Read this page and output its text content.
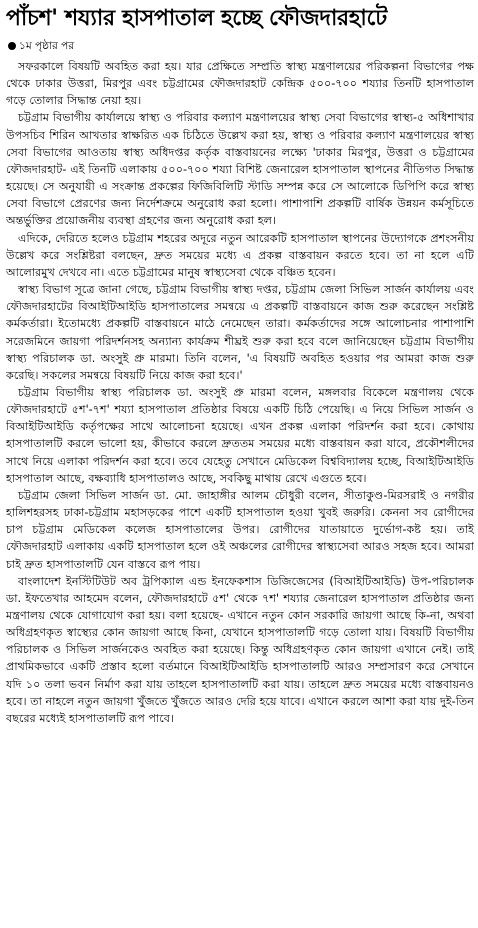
পাঁচশ' শয্যার হাসপাতাল হচ্ছে ফৌজদারহাটে
১ম পৃষ্ঠার পর

সফরকালে বিষয়টি অবহিত করা হয়। যার প্রেক্ষিতে সম্প্রতি স্বাস্থ্য মন্ত্রণালয়ের পরিকল্পনা বিভাগের পক্ষ থেকে ঢাকার উত্তরা, মিরপুর এবং চট্টগ্রামের ফৌজদারহাট কেন্দ্রিক ৫০০-৭০০ শয্যার তিনটি হাসপাতাল গড়ে তোলার সিদ্ধান্ত নেয়া হয়।

চট্টগ্রাম বিভাগীয় কার্যালয়ে স্বাস্থ্য ও পরিবার কল্যাণ মন্ত্রণালয়ের স্বাস্থ্য সেবা বিভাগের স্বাস্থ্য-৫ অধিশাখার উপসচিব শিরিন আখতার স্বাক্ষরিত এক চিঠিতে উল্লেখ করা হয়, স্বাস্থ্য ও পরিবার কল্যাণ মন্ত্রণালয়ের স্বাস্থ্য সেবা বিভাগের আওতায় স্বাস্থ্য অধিদপ্তর কর্তৃক বাস্তবায়নের লক্ষ্যে 'ঢাকার মিরপুর, উত্তরা ও চট্টগ্রামের ফৌজদারহাট- এই তিনটি এলাকায় ৫০০-৭০০ শয্যা বিশিষ্ট জেনারেল হাসপাতাল স্থাপনের নীতিগত সিদ্ধান্ত হয়েছে। সে অনুযায়ী এ সংক্রান্ত প্রকল্পের ফিজিবিলিটি স্টাডি সম্পন্ন করে সে আলোকে ডিপিপি করে স্বাস্থ্য সেবা বিভাগে প্রেরণের জন্য নির্দেশক্রমে অনুরোধ করা হলো। পাশাপাশি প্রকল্পটি বার্ষিক উন্নয়ন কর্মসূচিতে অন্তর্ভুক্তির প্রয়োজনীয় ব্যবস্থা গ্রহণের জন্য অনুরোধ করা হল।

এদিকে, দেরিতে হলেও চট্টগ্রাম শহরের অদূরে নতুন আরেকটি হাসপাতাল স্থাপনের উদ্যোগকে প্রশংসনীয় উল্লেখ করে সংশ্লিষ্টরা বলছেন, দ্রুত সময়ের মধ্যে এ প্রকল্প বাস্তবায়ন করতে হবে। তা না হলে এটি আলোরমুখ দেখবে না। এতে চট্টগ্রামের মানুষ স্বাস্থ্যসেবা থেকে বঞ্চিত হবেন।

স্বাস্থ্য বিভাগ সূত্রে জানা গেছে, চট্টগ্রাম বিভাগীয় স্বাস্থ্য দপ্তর, চট্টগ্রাম জেলা সিভিল সার্জন কার্যালয় এবং ফৌজদারহাটের বিআইটিআইডি হাসপাতালের সমন্বয়ে এ প্রকল্পটি বাস্তবায়নে কাজ শুরু করেছেন সংশ্লিষ্ট কর্মকর্তারা। ইতোমধ্যে প্রকল্পটি বাস্তবায়নে মাঠে নেমেছেন তারা। কর্মকর্তাদের সঙ্গে আলোচনার পাশাপাশি সরেজমিনে জায়গা পরিদর্শনসহ অন্যান্য কার্যক্রম শীঘ্রই শুরু করা হবে বলে জানিয়েছেন চট্টগ্রাম বিভাগীয় স্বাস্থ্য পরিচালক ডা. অংসুই প্রু মারমা। তিনি বলেন, 'এ বিষয়টি অবহিত হওয়ার পর আমরা কাজ শুরু করেছি। সকলের সমন্বয়ে বিষয়টি নিয়ে কাজ করা হবে।'

চট্টগ্রাম বিভাগীয় স্বাস্থ্য পরিচালক ডা. অংসুই প্রু মারমা বলেন, মঙ্গলবার বিকেলে মন্ত্রণালয় থেকে ফৌজদারহাটে ৫শ'-৭শ' শয্যা হাসপাতাল প্রতিষ্ঠার বিষয়ে একটি চিঠি পেয়েছি। এ নিয়ে সিভিল সার্জন ও বিআইটিআইডি কর্তৃপক্ষের সাথে আলোচনা হয়েছে। এখন প্রকল্প এলাকা পরিদর্শন করা হবে। কোথায় হাসপাতালটি করলে ভালো হয়, কীভাবে করলে দ্রুততম সময়ের মধ্যে বাস্তবায়ন করা যাবে, প্রকৌশলীদের সাথে নিয়ে এলাকা পরিদর্শন করা হবে। তবে যেহেতু সেখানে মেডিকেল বিশ্ববিদ্যালয় হচ্ছে, বিআইটিআইডি হাসপাতাল আছে, বক্ষব্যাধি হাসপাতালও আছে, সবকিছু মাথায় রেখে এগুতে হবে।

চট্টগ্রাম জেলা সিভিল সার্জন ডা. মো. জাহাঙ্গীর আলম চৌধুরী বলেন, সীতাকুণ্ড-মিরসরাই ও নগরীর হালিশহরসহ ঢাকা-চট্টগ্রাম মহাসড়কের পাশে একটি হাসপাতাল হওয়া খুবই জরুরি। কেননা সব রোগীদের চাপ চট্টগ্রাম মেডিকেল কলেজ হাসপাতালের উপর। রোগীদের যাতায়াতে দুর্ভোগ-কষ্ট হয়। তাই ফৌজদারহাট এলাকায় একটি হাসপাতাল হলে ওই অঞ্চলের রোগীদের স্বাস্থ্যসেবা আরও সহজ হবে। আমরা চাই দ্রুত হাসপাতালটি যেন বাস্তবে রূপ পায়।

বাংলাদেশ ইনস্টিটিউট অব ট্রপিক্যাল এন্ড ইনফেকশাস ডিজিজেসের (বিআইটিআইডি) উপ-পরিচালক ডা. ইফতেখার আহমেদ বলেন, ফৌজদারহাটে ৫শ' থেকে ৭শ' শয্যার জেনারেল হাসপাতাল প্রতিষ্ঠার জন্য মন্ত্রণালয় থেকে যোগাযোগ করা হয়। বলা হয়েছে- এখানে নতুন কোন সরকারি জায়গা আছে কি-না, অথবা অধিগ্রহণকৃত স্বাস্থ্যের কোন জায়গা আছে কিনা, যেখানে হাসপাতালটি গড়ে তোলা যায়। বিষয়টি বিভাগীয় পরিচালক ও সিভিল সার্জনকেও অবহিত করা হয়েছে। কিন্তু অধিগ্রহণকৃত কোন জায়গা এখানে নেই। তাই প্রাথমিকভাবে একটি প্রস্তাব হলো বর্তমানে বিআইটিআইডি হাসপাতালটি আরও সম্প্রসারণ করে সেখানে যদি ১০ তলা ভবন নির্মাণ করা যায় তাহলে হাসপাতালটি করা যায়। তাহলে দ্রুত সময়ের মধ্যে বাস্তবায়নও হবে। তা নাহলে নতুন জায়গা খুঁজতে খুঁজতে আরও দেরি হয়ে যাবে। এখানে করলে আশা করা যায় দুই-তিন বছরের মধ্যেই হাসপাতালটি রূপ পাবে।
